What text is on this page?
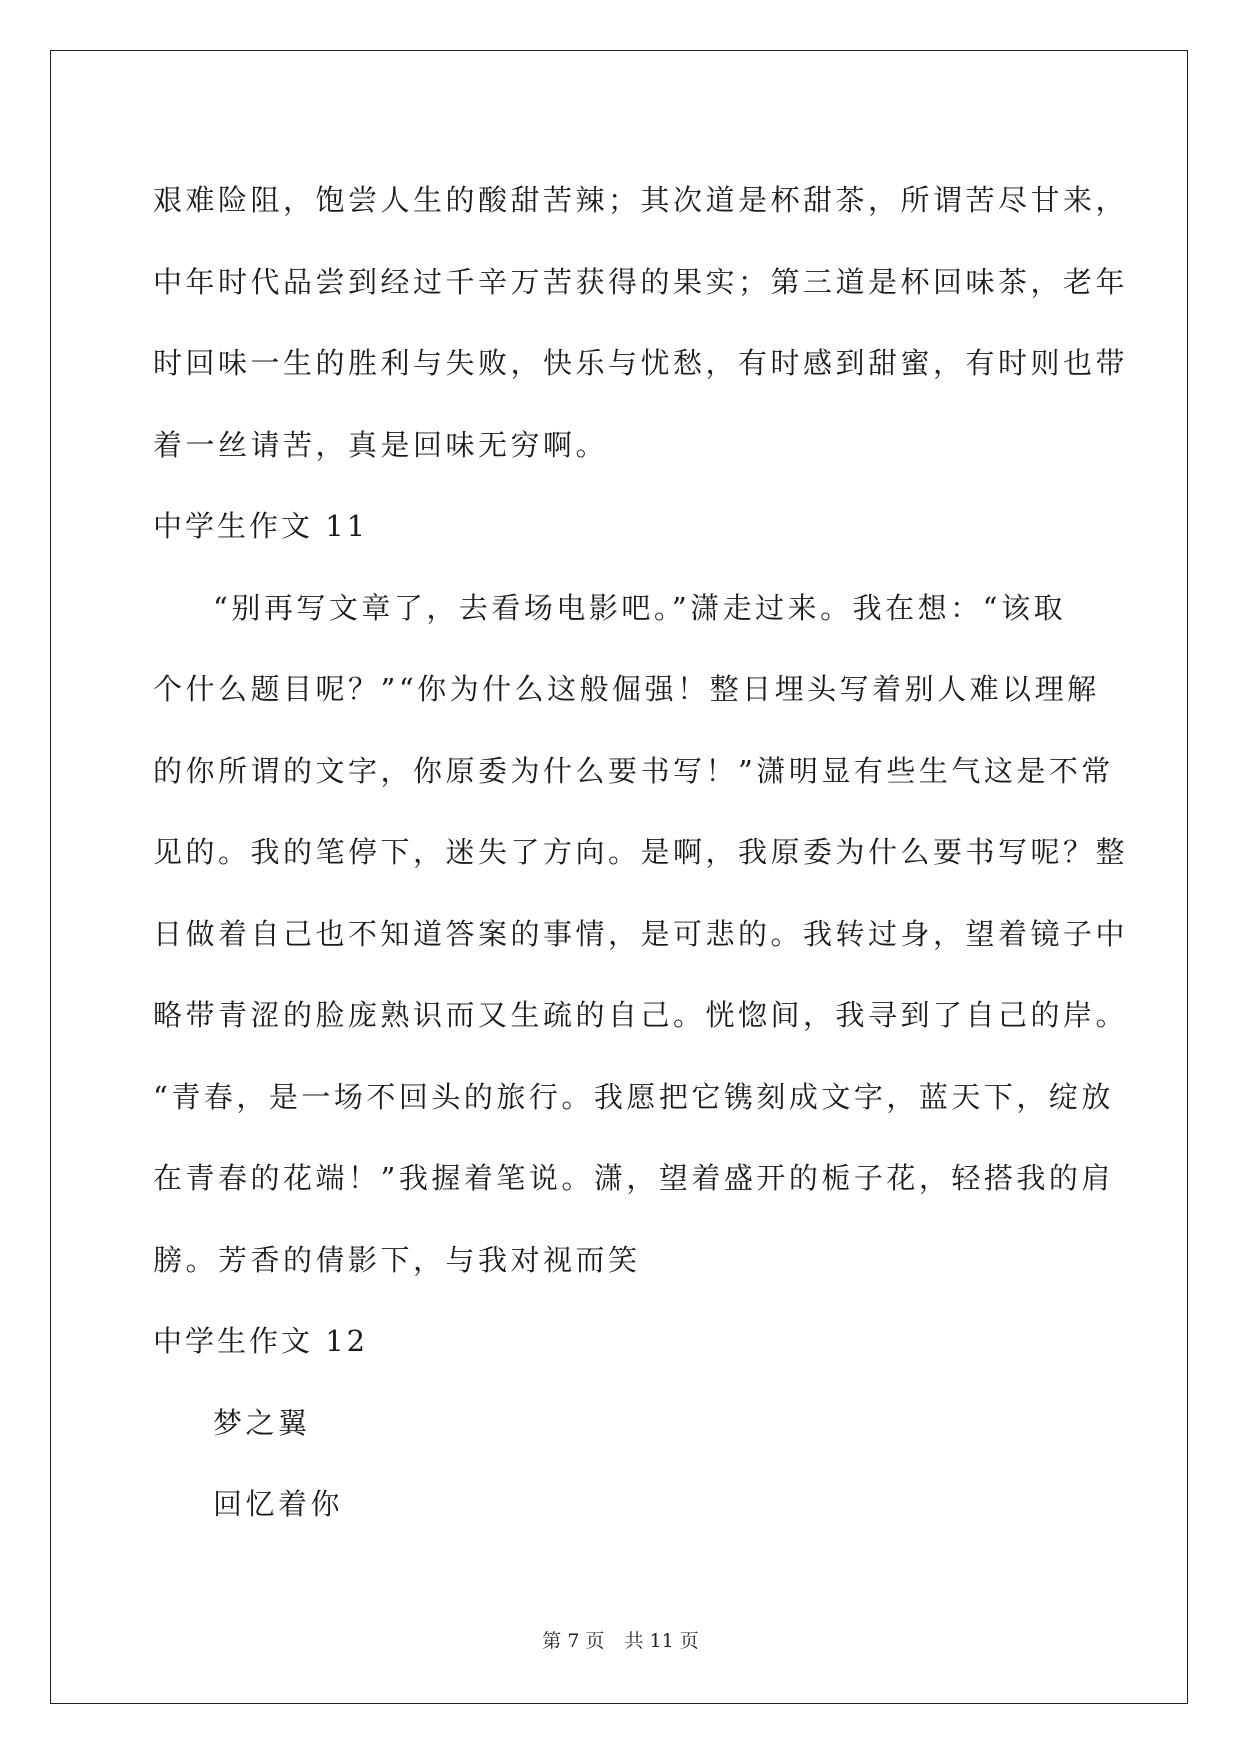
艰难险阻，饱尝人生的酸甜苦辣；其次道是杯甜茶，所谓苦尽甘来，
中年时代品尝到经过千辛万苦获得的果实；第三道是杯回味茶，老年
时回味一生的胜利与失败，快乐与忧愁，有时感到甜蜜，有时则也带
着一丝请苦，真是回味无穷啊。
中学生作文 11
“别再写文章了，去看场电影吧。”潇走过来。我在想：“该取
个什么题目呢？”“你为什么这般倔强！整日埋头写着别人难以理解
的你所谓的文字，你原委为什么要书写！”潇明显有些生气这是不常
见的。我的笔停下，迷失了方向。是啊，我原委为什么要书写呢？整
日做着自己也不知道答案的事情，是可悲的。我转过身，望着镜子中
略带青涩的脸庞熟识而又生疏的自己。恍惚间，我寻到了自己的岸。
“青春，是一场不回头的旅行。我愿把它镌刻成文字，蓝天下，绽放
在青春的花端！”我握着笔说。潇，望着盛开的栀子花，轻搭我的肩
膀。芳香的倩影下，与我对视而笑
中学生作文 12
梦之翼
回忆着你
第 7 页 共 11 页
